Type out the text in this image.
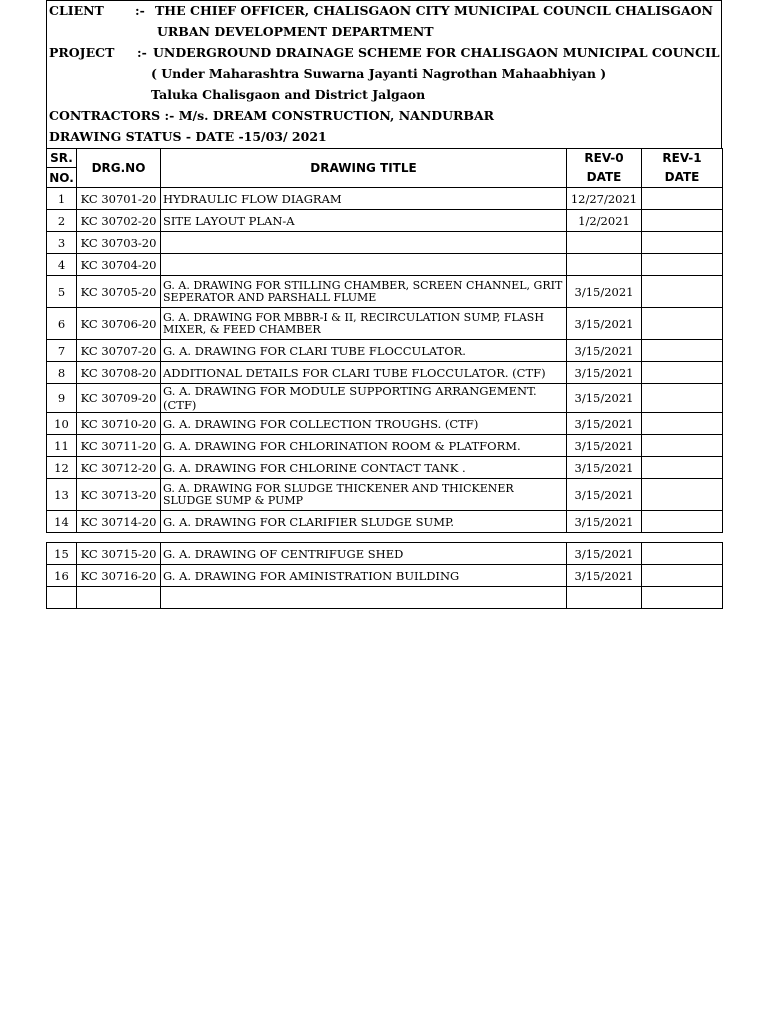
CLIENT :- THE CHIEF OFFICER, CHALISGAON CITY MUNICIPAL COUNCIL CHALISGAON
URBAN DEVELOPMENT DEPARTMENT
PROJECT :- UNDERGROUND DRAINAGE SCHEME FOR CHALISGAON MUNICIPAL COUNCIL
( Under Maharashtra Suwarna Jayanti Nagrothan Mahaabhiyan )
Taluka Chalisgaon and District Jalgaon
CONTRACTORS :- M/s. DREAM CONSTRUCTION, NANDURBAR
DRAWING STATUS - DATE -15/03/ 2021
SR.	DRG.NO	DRAWING TITLE	REV-0	REV-1
NO.			DATE	DATE
1	KC 30701-20	HYDRAULIC FLOW DIAGRAM	12/27/2021	
2	KC 30702-20	SITE LAYOUT PLAN-A	1/2/2021	
3	KC 30703-20			
4	KC 30704-20			
5	KC 30705-20	G. A. DRAWING FOR STILLING CHAMBER, SCREEN CHANNEL, GRIT SEPERATOR AND PARSHALL FLUME	3/15/2021	
6	KC 30706-20	G. A. DRAWING FOR MBBR-I & II, RECIRCULATION SUMP, FLASH MIXER, & FEED CHAMBER	3/15/2021	
7	KC 30707-20	G. A. DRAWING FOR CLARI TUBE FLOCCULATOR.	3/15/2021	
8	KC 30708-20	ADDITIONAL DETAILS FOR CLARI TUBE FLOCCULATOR. (CTF)	3/15/2021	
9	KC 30709-20	G. A. DRAWING FOR MODULE SUPPORTING ARRANGEMENT. (CTF)	3/15/2021	
10	KC 30710-20	G. A. DRAWING FOR COLLECTION TROUGHS. (CTF)	3/15/2021	
11	KC 30711-20	G. A. DRAWING FOR CHLORINATION ROOM & PLATFORM.	3/15/2021	
12	KC 30712-20	G. A. DRAWING FOR CHLORINE CONTACT TANK .	3/15/2021	
13	KC 30713-20	G. A. DRAWING FOR SLUDGE THICKENER AND THICKENER SLUDGE SUMP & PUMP	3/15/2021	
14	KC 30714-20	G. A. DRAWING FOR CLARIFIER SLUDGE SUMP.	3/15/2021	
15	KC 30715-20	G. A. DRAWING OF CENTRIFUGE SHED	3/15/2021	
16	KC 30716-20	G. A. DRAWING FOR AMINISTRATION BUILDING	3/15/2021	
